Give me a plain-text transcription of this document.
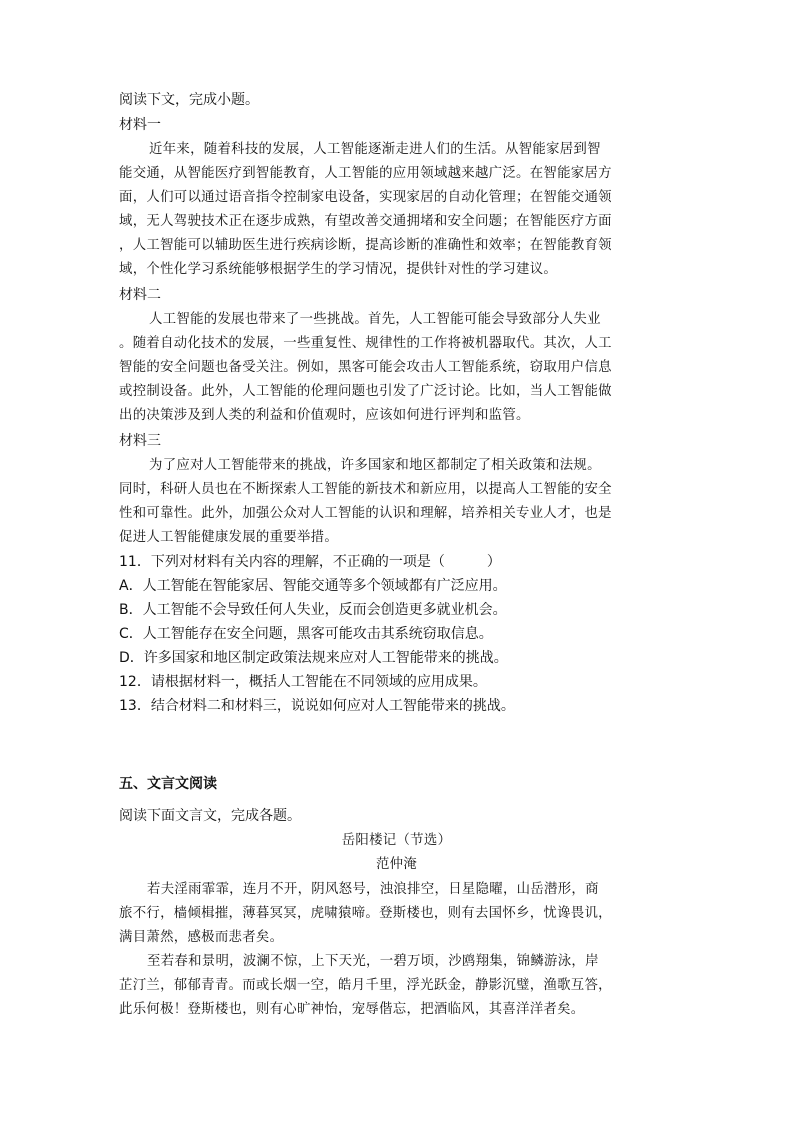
阅读下文，完成小题。
材料一
近年来，随着科技的发展，人工智能逐渐走进人们的生活。从智能家居到智
能交通，从智能医疗到智能教育，人工智能的应用领域越来越广泛。在智能家居方
面，人们可以通过语音指令控制家电设备，实现家居的自动化管理；在智能交通领
域，无人驾驶技术正在逐步成熟，有望改善交通拥堵和安全问题；在智能医疗方面
，人工智能可以辅助医生进行疾病诊断，提高诊断的准确性和效率；在智能教育领
域，个性化学习系统能够根据学生的学习情况，提供针对性的学习建议。
材料二
人工智能的发展也带来了一些挑战。首先，人工智能可能会导致部分人失业
。随着自动化技术的发展，一些重复性、规律性的工作将被机器取代。其次，人工
智能的安全问题也备受关注。例如，黑客可能会攻击人工智能系统，窃取用户信息
或控制设备。此外，人工智能的伦理问题也引发了广泛讨论。比如，当人工智能做
出的决策涉及到人类的利益和价值观时，应该如何进行评判和监管。
材料三
为了应对人工智能带来的挑战，许多国家和地区都制定了相关政策和法规。
同时，科研人员也在不断探索人工智能的新技术和新应用，以提高人工智能的安全
性和可靠性。此外，加强公众对人工智能的认识和理解，培养相关专业人才，也是
促进人工智能健康发展的重要举措。
11．下列对材料有关内容的理解，不正确的一项是（　　　）
A．人工智能在智能家居、智能交通等多个领域都有广泛应用。
B．人工智能不会导致任何人失业，反而会创造更多就业机会。
C．人工智能存在安全问题，黑客可能攻击其系统窃取信息。
D．许多国家和地区制定政策法规来应对人工智能带来的挑战。
12．请根据材料一，概括人工智能在不同领域的应用成果。
13．结合材料二和材料三，说说如何应对人工智能带来的挑战。
五、文言文阅读
阅读下面文言文，完成各题。
岳阳楼记（节选）
范仲淹
若夫淫雨霏霏，连月不开，阴风怒号，浊浪排空，日星隐曜，山岳潜形，商
旅不行，樯倾楫摧，薄暮冥冥，虎啸猿啼。登斯楼也，则有去国怀乡，忧谗畏讥，
满目萧然，感极而悲者矣。
至若春和景明，波澜不惊，上下天光，一碧万顷，沙鸥翔集，锦鳞游泳，岸
芷汀兰，郁郁青青。而或长烟一空，皓月千里，浮光跃金，静影沉璧，渔歌互答，
此乐何极！登斯楼也，则有心旷神怡，宠辱偕忘，把酒临风，其喜洋洋者矣。
